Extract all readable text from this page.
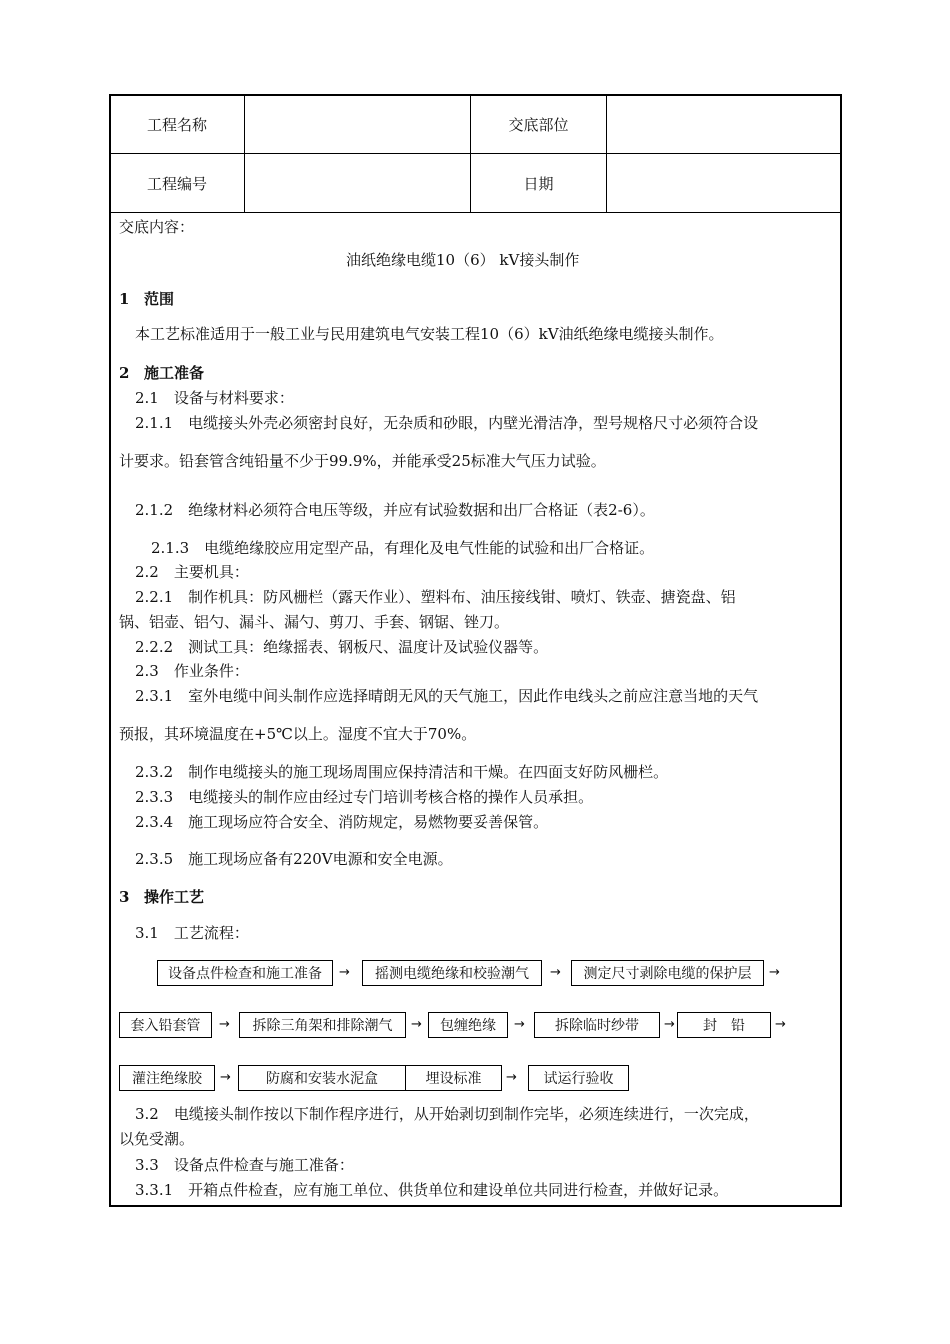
工程名称	交底部位
工程编号	日期
交底内容：
油纸绝缘电缆10（6） kV接头制作
1 范围
本工艺标准适用于一般工业与民用建筑电气安装工程10（6）kV油纸绝缘电缆接头制作。
2 施工准备
2.1　设备与材料要求：
2.1.1　电缆接头外壳必须密封良好，无杂质和砂眼，内壁光滑洁净，型号规格尺寸必须符合设
计要求。铅套管含纯铅量不少于99.9%，并能承受25标准大气压力试验。
2.1.2　绝缘材料必须符合电压等级，并应有试验数据和出厂合格证（表2-6）。
2.1.3　电缆绝缘胶应用定型产品，有理化及电气性能的试验和出厂合格证。
2.2　主要机具：
2.2.1　制作机具：防风栅栏（露天作业）、塑料布、油压接线钳、喷灯、铁壶、搪瓷盘、铝
锅、铝壶、铝勺、漏斗、漏勺、剪刀、手套、钢锯、锉刀。
2.2.2　测试工具：绝缘摇表、钢板尺、温度计及试验仪器等。
2.3　作业条件：
2.3.1　室外电缆中间头制作应选择晴朗无风的天气施工，因此作电线头之前应注意当地的天气
预报，其环境温度在+5℃以上。湿度不宜大于70%。
2.3.2　制作电缆接头的施工现场周围应保持清洁和干燥。在四面支好防风栅栏。
2.3.3　电缆接头的制作应由经过专门培训考核合格的操作人员承担。
2.3.4　施工现场应符合安全、消防规定，易燃物要妥善保管。
2.3.5　施工现场应备有220V电源和安全电源。
3 操作工艺
3.1　工艺流程：
设备点件检查和施工准备	→	摇测电缆绝缘和校验潮气	→	测定尺寸剥除电缆的保护层	→
套入铅套管	→	拆除三角架和排除潮气	→	包缠绝缘	→	拆除临时纱带	→	封　铅	→
灌注绝缘胶	→	防腐和安装水泥盒	埋设标准	→	试运行验收
3.2　电缆接头制作按以下制作程序进行，从开始剥切到制作完毕，必须连续进行，一次完成，
以免受潮。
3.3　设备点件检查与施工准备：
3.3.1　开箱点件检查，应有施工单位、供货单位和建设单位共同进行检查，并做好记录。
